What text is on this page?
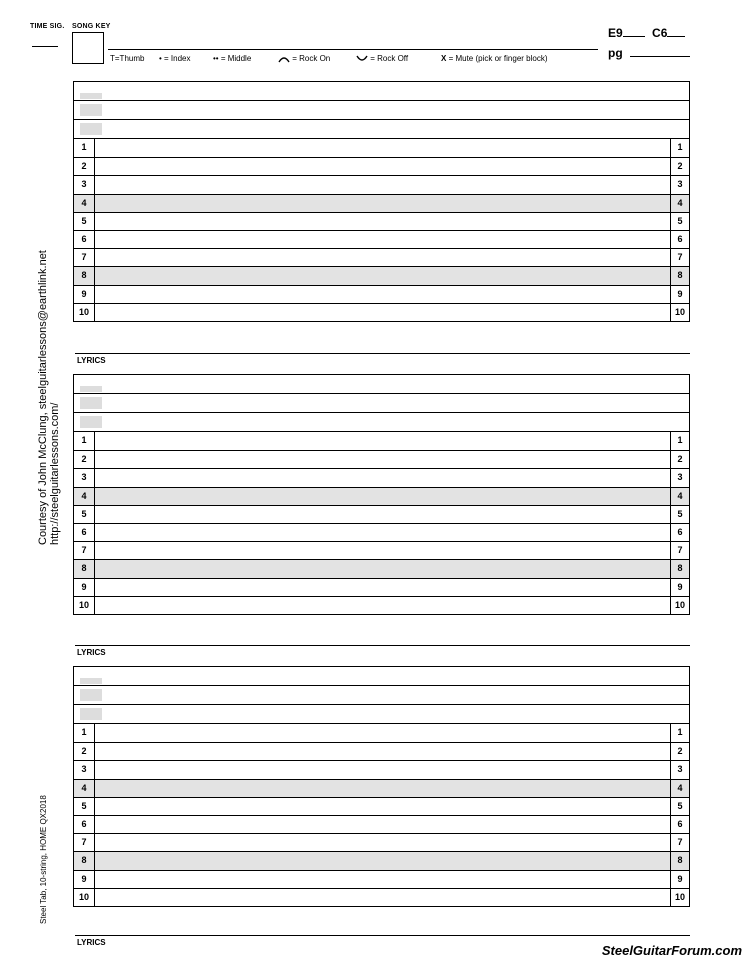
TIME SIG. SONG KEY
T=Thumb • = Index	•• = Middle	= Rock On	= Rock Off	X = Mute (pick or finger block)
E9 C6
pg
Courtesy of John McClung, steelguitarlessons@earthlink.net http://steelguitarlessons.com/
Steel Tab, 10-string, HOME QX2018
1	1
2	2
3	3
4	4
5	5
6	6
7	7
8	8
9	9
10	10
LYRICS
1	1
2	2
3	3
4	4
5	5
6	6
7	7
8	8
9	9
10	10
LYRICS
1	1
2	2
3	3
4	4
5	5
6	6
7	7
8	8
9	9
10	10
LYRICS
SteelGuitarForum.com
